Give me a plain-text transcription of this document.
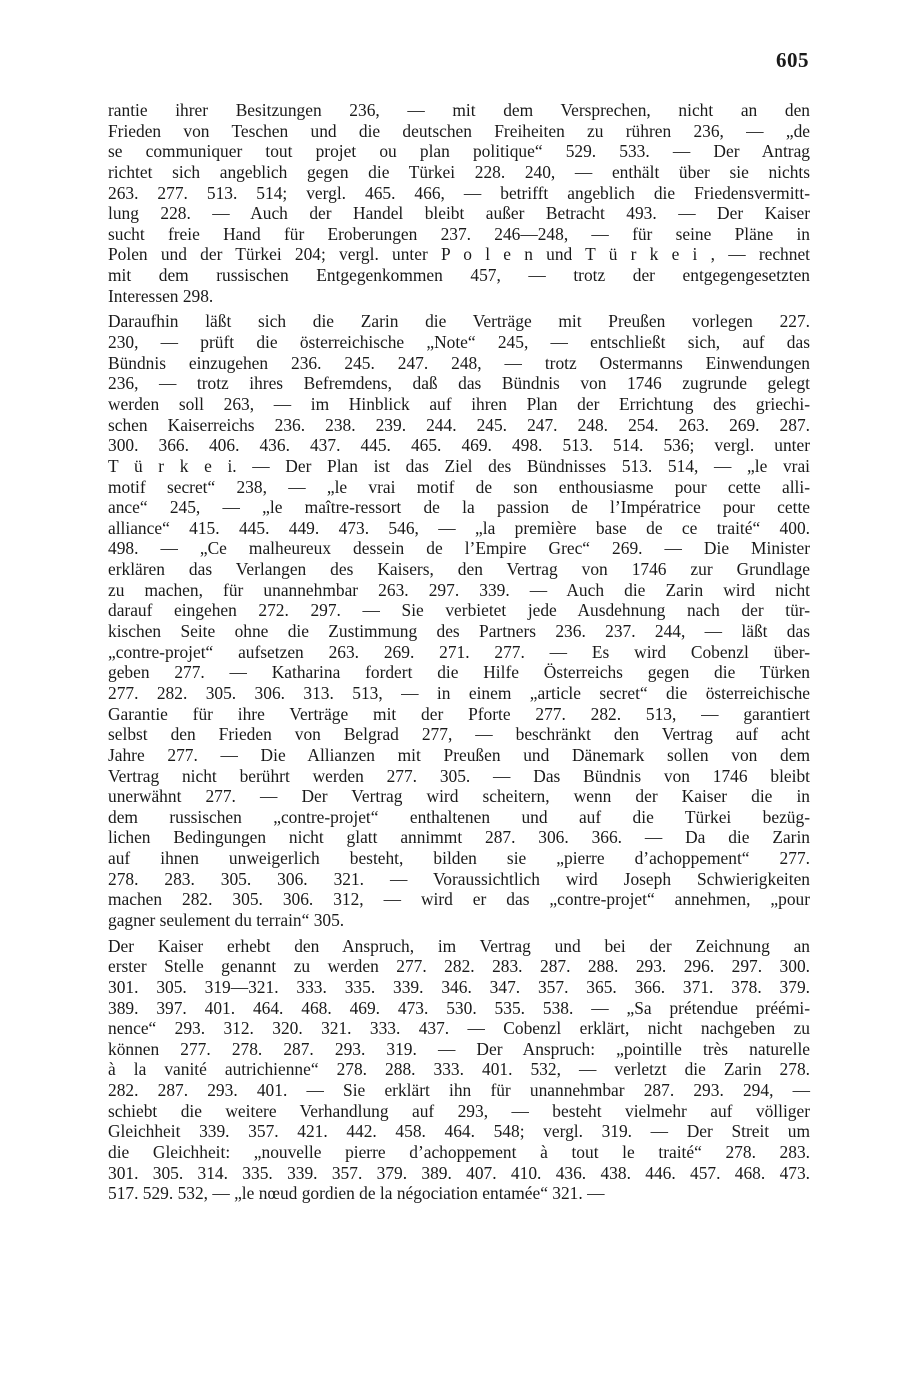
605
rantie ihrer Besitzungen 236, — mit dem Versprechen, nicht an den
Frieden von Teschen und die deutschen Freiheiten zu rühren 236, — „de
se communiquer tout projet ou plan politique“ 529. 533. — Der Antrag
richtet sich angeblich gegen die Türkei 228. 240, — enthält über sie nichts
263. 277. 513. 514; vergl. 465. 466, — betrifft angeblich die Friedensvermitt-
lung 228. — Auch der Handel bleibt außer Betracht 493. — Der Kaiser
sucht freie Hand für Eroberungen 237. 246—248, — für seine Pläne in
Polen und der Türkei 204; vergl. unter P o l e n und T ü r k e i , — rechnet
mit dem russischen Entgegenkommen 457, — trotz der entgegengesetzten
Interessen 298.
Daraufhin läßt sich die Zarin die Verträge mit Preußen vorlegen 227.
230, — prüft die österreichische „Note“ 245, — entschließt sich, auf das
Bündnis einzugehen 236. 245. 247. 248, — trotz Ostermanns Einwendungen
236, — trotz ihres Befremdens, daß das Bündnis von 1746 zugrunde gelegt
werden soll 263, — im Hinblick auf ihren Plan der Errichtung des griechi-
schen Kaiserreichs 236. 238. 239. 244. 245. 247. 248. 254. 263. 269. 287.
300. 366. 406. 436. 437. 445. 465. 469. 498. 513. 514. 536; vergl. unter
T ü r k e i. — Der Plan ist das Ziel des Bündnisses 513. 514, — „le vrai
motif secret“ 238, — „le vrai motif de son enthousiasme pour cette alli-
ance“ 245, — „le maître-ressort de la passion de l’Impératrice pour cette
alliance“ 415. 445. 449. 473. 546, — „la première base de ce traité“ 400.
498. — „Ce malheureux dessein de l’Empire Grec“ 269. — Die Minister
erklären das Verlangen des Kaisers, den Vertrag von 1746 zur Grundlage
zu machen, für unannehmbar 263. 297. 339. — Auch die Zarin wird nicht
darauf eingehen 272. 297. — Sie verbietet jede Ausdehnung nach der tür-
kischen Seite ohne die Zustimmung des Partners 236. 237. 244, — läßt das
„contre-projet“ aufsetzen 263. 269. 271. 277. — Es wird Cobenzl über-
geben 277. — Katharina fordert die Hilfe Österreichs gegen die Türken
277. 282. 305. 306. 313. 513, — in einem „article secret“ die österreichische
Garantie für ihre Verträge mit der Pforte 277. 282. 513, — garantiert
selbst den Frieden von Belgrad 277, — beschränkt den Vertrag auf acht
Jahre 277. — Die Allianzen mit Preußen und Dänemark sollen von dem
Vertrag nicht berührt werden 277. 305. — Das Bündnis von 1746 bleibt
unerwähnt 277. — Der Vertrag wird scheitern, wenn der Kaiser die in
dem russischen „contre-projet“ enthaltenen und auf die Türkei bezüg-
lichen Bedingungen nicht glatt annimmt 287. 306. 366. — Da die Zarin
auf ihnen unweigerlich besteht, bilden sie „pierre d’achoppement“ 277.
278. 283. 305. 306. 321. — Voraussichtlich wird Joseph Schwierigkeiten
machen 282. 305. 306. 312, — wird er das „contre-projet“ annehmen, „pour
gagner seulement du terrain“ 305.
Der Kaiser erhebt den Anspruch, im Vertrag und bei der Zeichnung an
erster Stelle genannt zu werden 277. 282. 283. 287. 288. 293. 296. 297. 300.
301. 305. 319—321. 333. 335. 339. 346. 347. 357. 365. 366. 371. 378. 379.
389. 397. 401. 464. 468. 469. 473. 530. 535. 538. — „Sa prétendue préémi-
nence“ 293. 312. 320. 321. 333. 437. — Cobenzl erklärt, nicht nachgeben zu
können 277. 278. 287. 293. 319. — Der Anspruch: „pointille très naturelle
à la vanité autrichienne“ 278. 288. 333. 401. 532, — verletzt die Zarin 278.
282. 287. 293. 401. — Sie erklärt ihn für unannehmbar 287. 293. 294, —
schiebt die weitere Verhandlung auf 293, — besteht vielmehr auf völliger
Gleichheit 339. 357. 421. 442. 458. 464. 548; vergl. 319. — Der Streit um
die Gleichheit: „nouvelle pierre d’achoppement à tout le traité“ 278. 283.
301. 305. 314. 335. 339. 357. 379. 389. 407. 410. 436. 438. 446. 457. 468. 473.
517. 529. 532, — „le nœud gordien de la négociation entamée“ 321. —
